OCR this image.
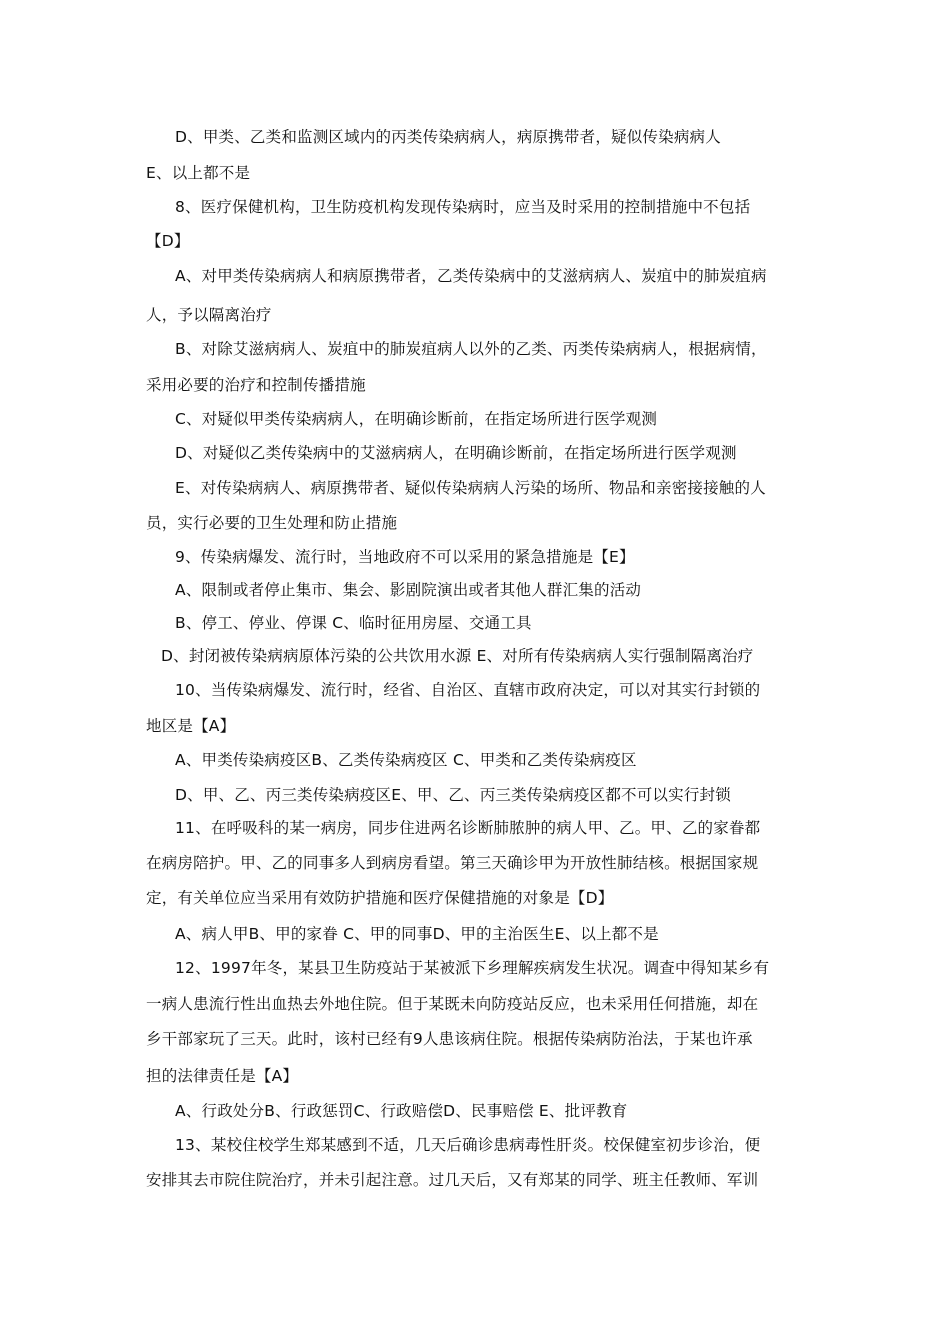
D、甲类、乙类和监测区域内的丙类传染病病人，病原携带者，疑似传染病病人
E、以上都不是
8、医疗保健机构，卫生防疫机构发现传染病时，应当及时采用的控制措施中不包括
【D】
A、对甲类传染病病人和病原携带者，乙类传染病中的艾滋病病人、炭疽中的肺炭疽病
人，予以隔离治疗
B、对除艾滋病病人、炭疽中的肺炭疽病人以外的乙类、丙类传染病病人，根据病情，
采用必要的治疗和控制传播措施
C、对疑似甲类传染病病人，在明确诊断前，在指定场所进行医学观测
D、对疑似乙类传染病中的艾滋病病人，在明确诊断前，在指定场所进行医学观测
E、对传染病病人、病原携带者、疑似传染病病人污染的场所、物品和亲密接接触的人
员，实行必要的卫生处理和防止措施
9、传染病爆发、流行时，当地政府不可以采用的紧急措施是【E】
A、限制或者停止集市、集会、影剧院演出或者其他人群汇集的活动
B、停工、停业、停课 C、临时征用房屋、交通工具
D、封闭被传染病病原体污染的公共饮用水源 E、对所有传染病病人实行强制隔离治疗
10、当传染病爆发、流行时，经省、自治区、直辖市政府决定，可以对其实行封锁的
地区是【A】
A、甲类传染病疫区B、乙类传染病疫区 C、甲类和乙类传染病疫区
D、甲、乙、丙三类传染病疫区E、甲、乙、丙三类传染病疫区都不可以实行封锁
11、在呼吸科的某一病房，同步住进两名诊断肺脓肿的病人甲、乙。甲、乙的家眷都
在病房陪护。甲、乙的同事多人到病房看望。第三天确诊甲为开放性肺结核。根据国家规
定，有关单位应当采用有效防护措施和医疗保健措施的对象是【D】
A、病人甲B、甲的家眷 C、甲的同事D、甲的主治医生E、以上都不是
12、1997年冬，某县卫生防疫站于某被派下乡理解疾病发生状况。调查中得知某乡有
一病人患流行性出血热去外地住院。但于某既未向防疫站反应，也未采用任何措施，却在
乡干部家玩了三天。此时，该村已经有9人患该病住院。根据传染病防治法，于某也许承
担的法律责任是【A】
A、行政处分B、行政惩罚C、行政赔偿D、民事赔偿 E、批评教育
13、某校住校学生郑某感到不适，几天后确诊患病毒性肝炎。校保健室初步诊治，便
安排其去市院住院治疗，并未引起注意。过几天后，又有郑某的同学、班主任教师、军训
